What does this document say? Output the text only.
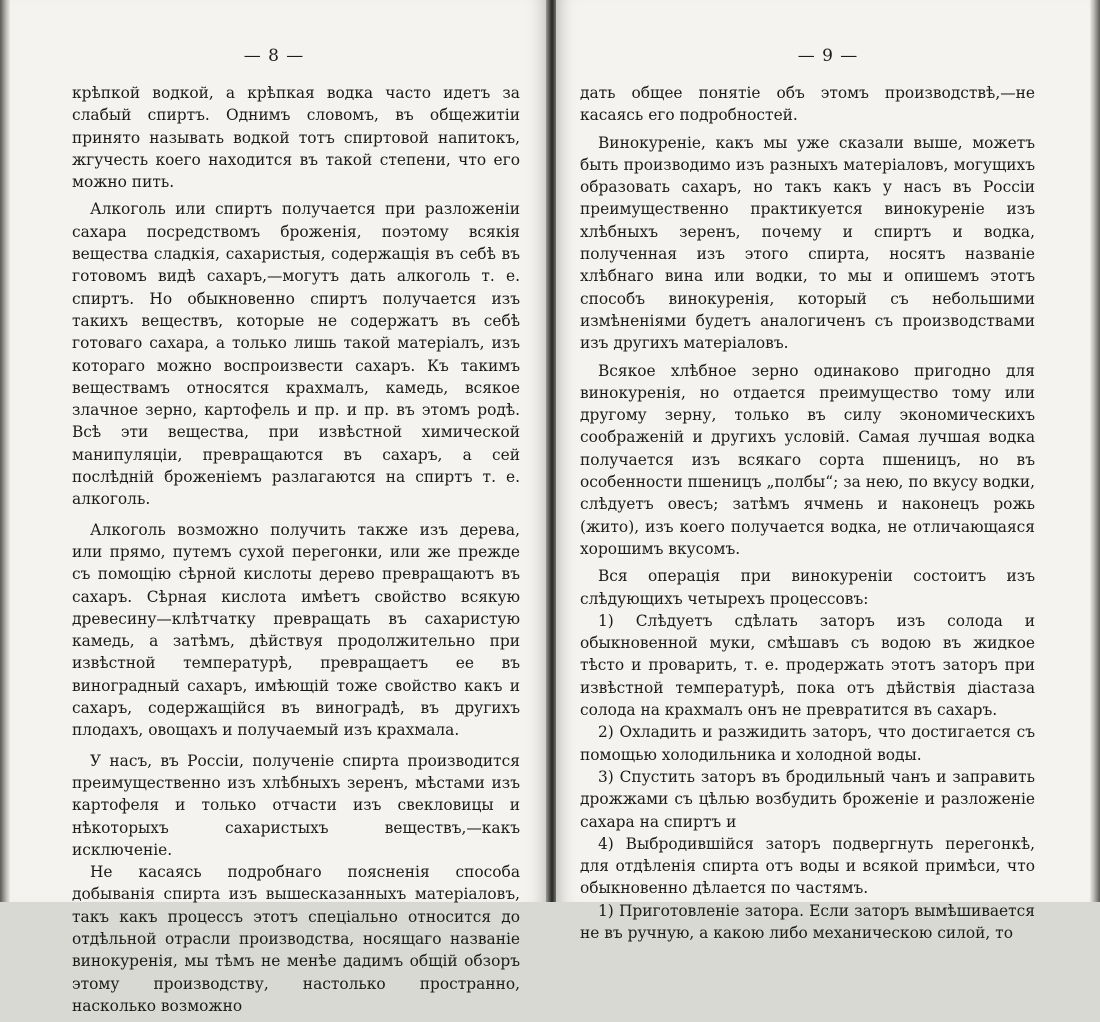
— 8 —

крѣпкой водкой, а крѣпкая водка часто идетъ за слабый спиртъ. Однимъ словомъ, въ общежитіи принято называть водкой тотъ спиртовой напитокъ, жгучесть коего находится въ такой степени, что его можно пить.

Алкоголь или спиртъ получается при разложеніи сахара посредствомъ броженія, поэтому всякія вещества сладкія, сахаристыя, содержащія въ себѣ въ готовомъ видѣ сахаръ,—могутъ дать алкоголь т. е. спиртъ. Но обыкновенно спиртъ получается изъ такихъ веществъ, которые не содержатъ въ себѣ готоваго сахара, а только лишь такой матеріалъ, изъ котораго можно воспроизвести сахаръ. Къ такимъ веществамъ относятся крахмалъ, камедь, всякое злачное зерно, картофель и пр. и пр. въ этомъ родѣ. Всѣ эти вещества, при извѣстной химической манипуляціи, превращаются въ сахаръ, а сей послѣдній броженіемъ разлагаются на спиртъ т. е. алкоголь.

Алкоголь возможно получить также изъ дерева, или прямо, путемъ сухой перегонки, или же прежде съ помощію сѣрной кислоты дерево превращаютъ въ сахаръ. Сѣрная кислота имѣетъ свойство всякую древесину—клѣтчатку превращать въ сахаристую камедь, а затѣмъ, дѣйствуя продолжительно при извѣстной температурѣ, превращаетъ ее въ виноградный сахаръ, имѣющій тоже свойство какъ и сахаръ, содержащійся въ виноградѣ, въ другихъ плодахъ, овощахъ и получаемый изъ крахмала.

У насъ, въ Россіи, полученіе спирта производится преимущественно изъ хлѣбныхъ зеренъ, мѣстами изъ картофеля и только отчасти изъ свекловицы и нѣкоторыхъ сахаристыхъ веществъ,—какъ исключеніе.

Не касаясь подробнаго поясненія способа добыванія спирта изъ вышесказанныхъ матеріаловъ, такъ какъ процессъ этотъ спеціально относится до отдѣльной отрасли производства, носящаго названіе винокуренія, мы тѣмъ не менѣе дадимъ общій обзоръ этому производству, настолько пространно, насколько возможно

— 9 —

дать общее понятіе объ этомъ производствѣ,—не касаясь его подробностей.

Винокуреніе, какъ мы уже сказали выше, можетъ быть производимо изъ разныхъ матеріаловъ, могущихъ образовать сахаръ, но такъ какъ у насъ въ Россіи преимущественно практикуется винокуреніе изъ хлѣбныхъ зеренъ, почему и спиртъ и водка, полученная изъ этого спирта, носятъ названіе хлѣбнаго вина или водки, то мы и опишемъ этотъ способъ винокуренія, который съ небольшими измѣненіями будетъ аналогиченъ съ производствами изъ другихъ матеріаловъ.

Всякое хлѣбное зерно одинаково пригодно для винокуренія, но отдается преимущество тому или другому зерну, только въ силу экономическихъ соображеній и другихъ условій. Самая лучшая водка получается изъ всякаго сорта пшеницъ, но въ особенности пшеницъ „полбы“; за нею, по вкусу водки, слѣдуетъ овесъ; затѣмъ ячмень и наконецъ рожь (жито), изъ коего получается водка, не отличающаяся хорошимъ вкусомъ.

Вся операція при винокуреніи состоитъ изъ слѣдующихъ четырехъ процессовъ:

1) Слѣдуетъ сдѣлать заторъ изъ солода и обыкновенной муки, смѣшавъ съ водою въ жидкое тѣсто и проварить, т. е. продержать этотъ заторъ при извѣстной температурѣ, пока отъ дѣйствія діастаза солода на крахмалъ онъ не превратится въ сахаръ.

2) Охладить и разжидить заторъ, что достигается съ помощью холодильника и холодной воды.

3) Спустить заторъ въ бродильный чанъ и заправить дрожжами съ цѣлью возбудить броженіе и разложеніе сахара на спиртъ и

4) Выбродившійся заторъ подвергнуть перегонкѣ, для отдѣленія спирта отъ воды и всякой примѣси, что обыкновенно дѣлается по частямъ.

1) Приготовленіе затора. Если заторъ вымѣшивается не въ ручную, а какою либо механическою силой, то
